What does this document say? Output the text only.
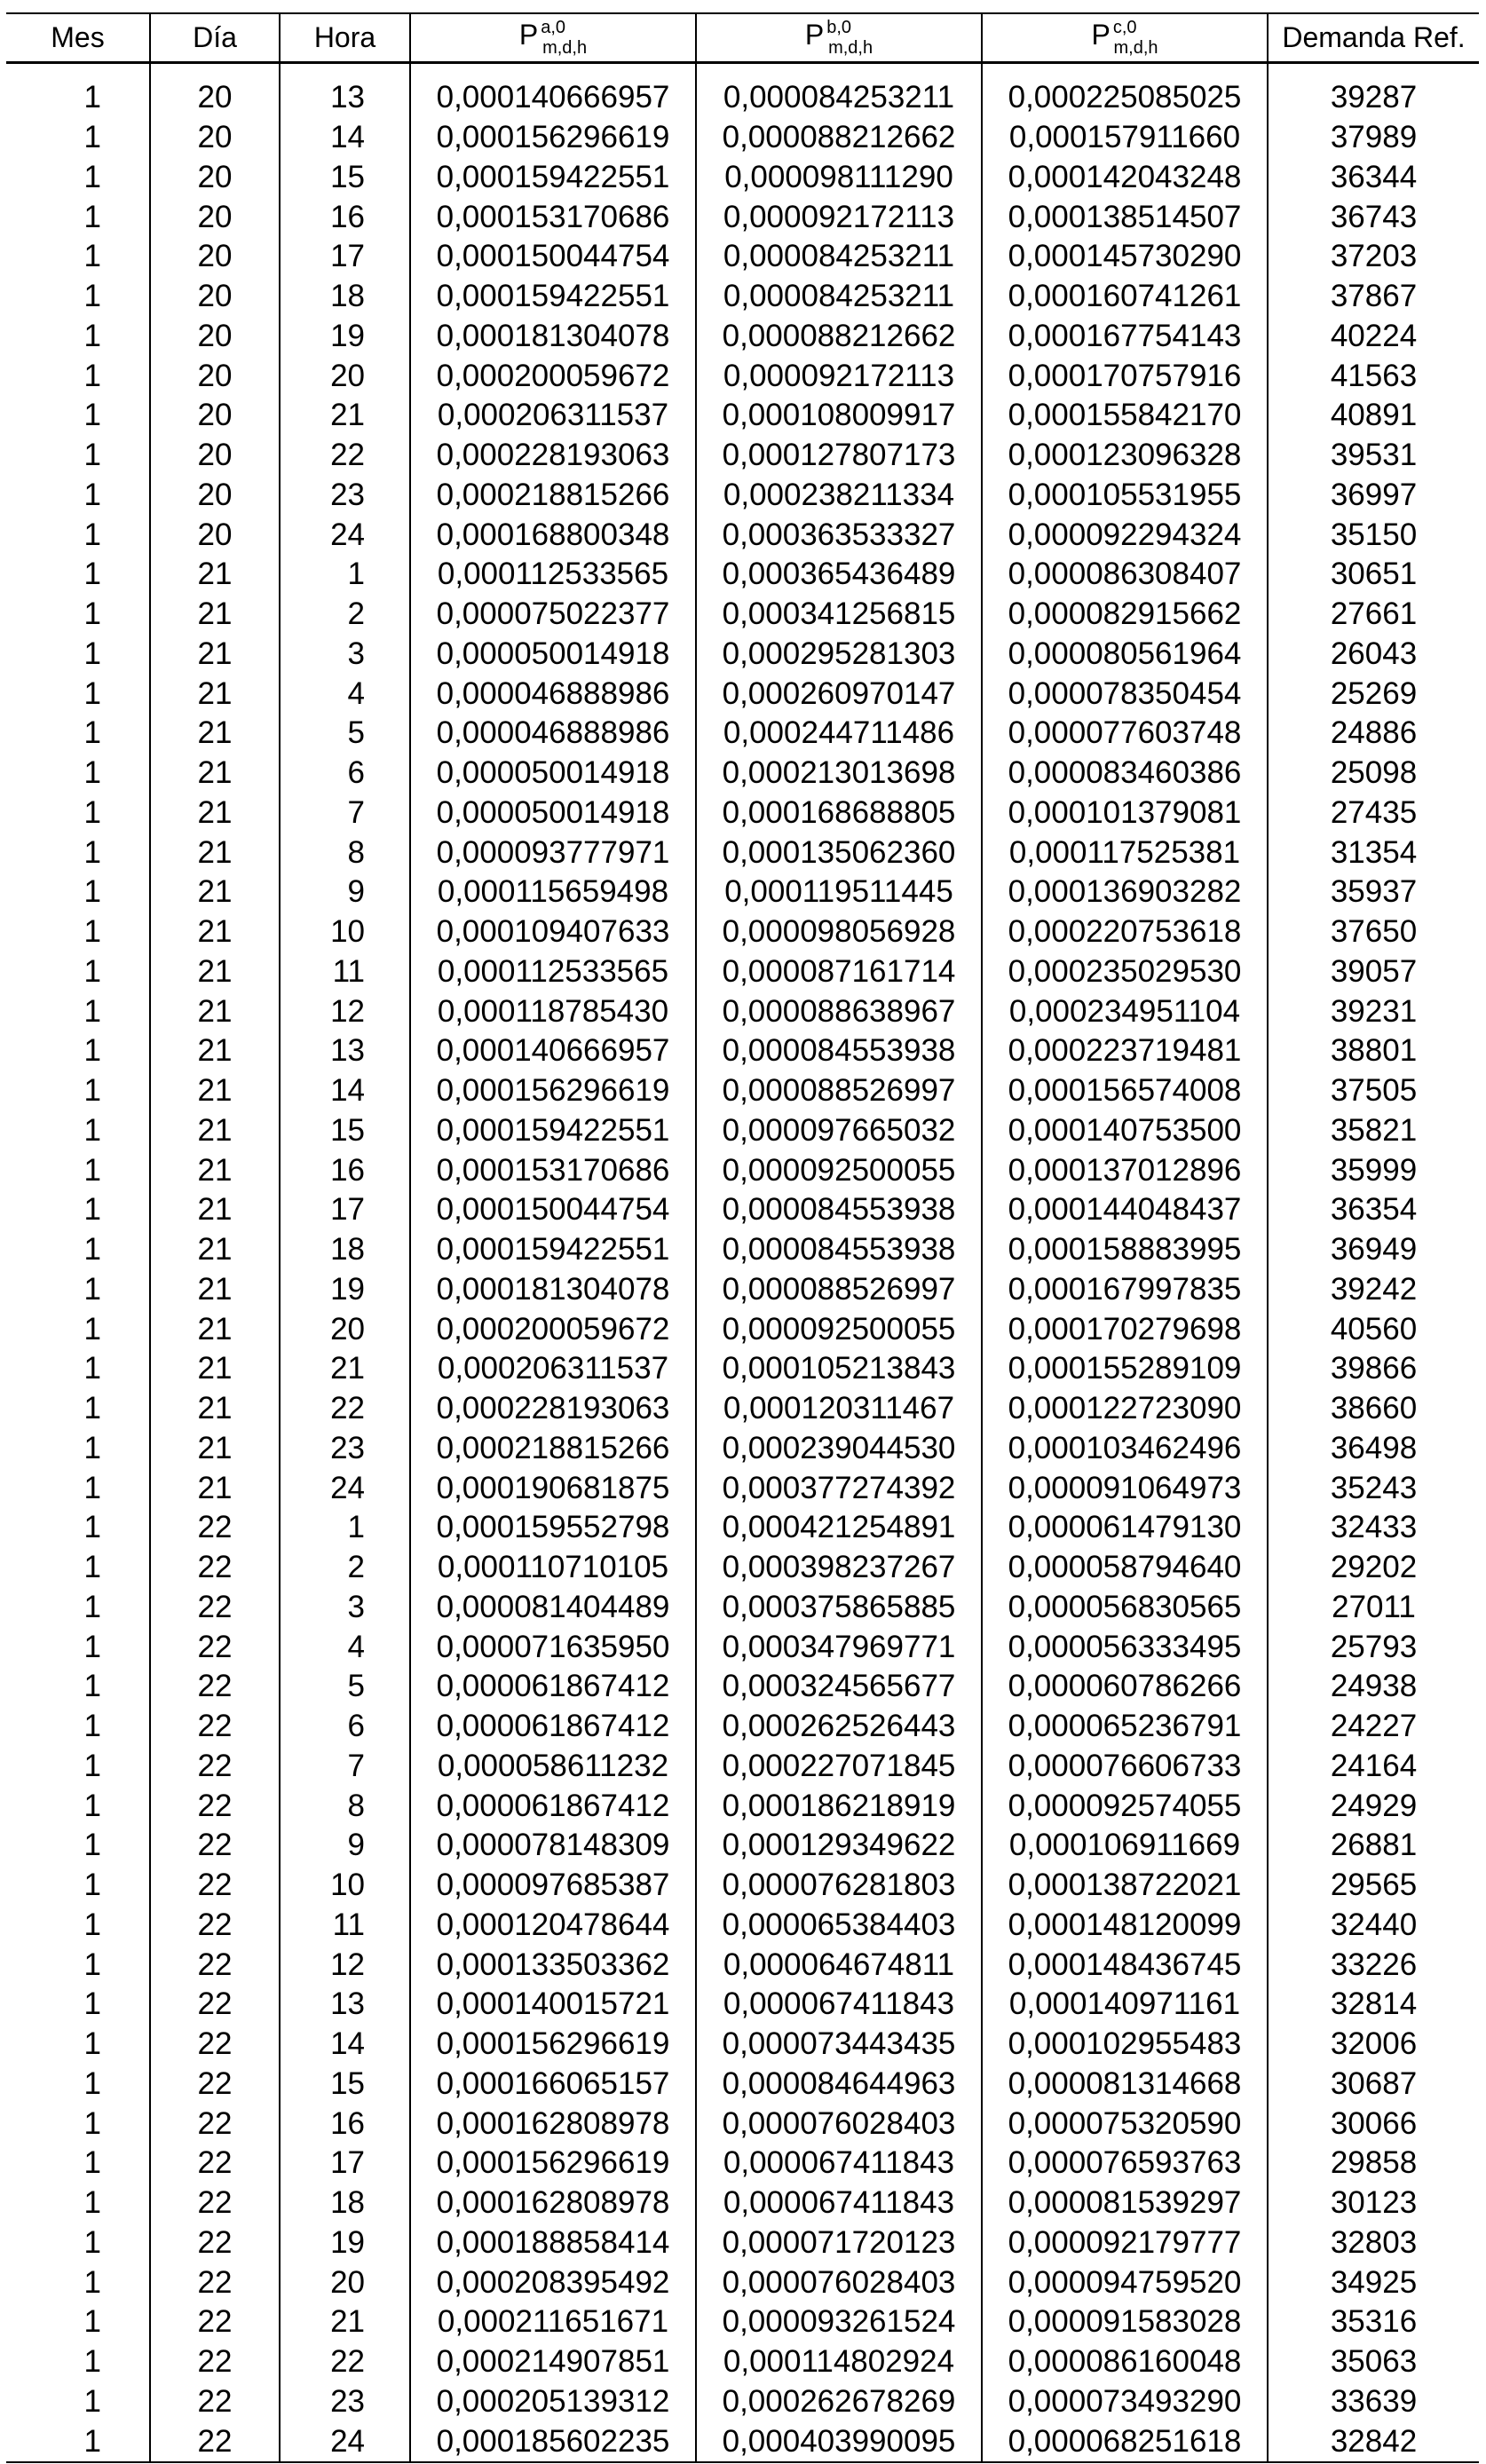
Mes	Día	Hora	P $^{a,0}_{m,d,h}$	P $^{b,0}_{m,d,h}$	P $^{c,0}_{m,d,h}$	Demanda Ref.
1	20	13	0,000140666957	0,000084253211	0,000225085025	39287
1	20	14	0,000156296619	0,000088212662	0,000157911660	37989
1	20	15	0,000159422551	0,000098111290	0,000142043248	36344
1	20	16	0,000153170686	0,000092172113	0,000138514507	36743
1	20	17	0,000150044754	0,000084253211	0,000145730290	37203
1	20	18	0,000159422551	0,000084253211	0,000160741261	37867
1	20	19	0,000181304078	0,000088212662	0,000167754143	40224
1	20	20	0,000200059672	0,000092172113	0,000170757916	41563
1	20	21	0,000206311537	0,000108009917	0,000155842170	40891
1	20	22	0,000228193063	0,000127807173	0,000123096328	39531
1	20	23	0,000218815266	0,000238211334	0,000105531955	36997
1	20	24	0,000168800348	0,000363533327	0,000092294324	35150
1	21	1	0,000112533565	0,000365436489	0,000086308407	30651
1	21	2	0,000075022377	0,000341256815	0,000082915662	27661
1	21	3	0,000050014918	0,000295281303	0,000080561964	26043
1	21	4	0,000046888986	0,000260970147	0,000078350454	25269
1	21	5	0,000046888986	0,000244711486	0,000077603748	24886
1	21	6	0,000050014918	0,000213013698	0,000083460386	25098
1	21	7	0,000050014918	0,000168688805	0,000101379081	27435
1	21	8	0,000093777971	0,000135062360	0,000117525381	31354
1	21	9	0,000115659498	0,000119511445	0,000136903282	35937
1	21	10	0,000109407633	0,000098056928	0,000220753618	37650
1	21	11	0,000112533565	0,000087161714	0,000235029530	39057
1	21	12	0,000118785430	0,000088638967	0,000234951104	39231
1	21	13	0,000140666957	0,000084553938	0,000223719481	38801
1	21	14	0,000156296619	0,000088526997	0,000156574008	37505
1	21	15	0,000159422551	0,000097665032	0,000140753500	35821
1	21	16	0,000153170686	0,000092500055	0,000137012896	35999
1	21	17	0,000150044754	0,000084553938	0,000144048437	36354
1	21	18	0,000159422551	0,000084553938	0,000158883995	36949
1	21	19	0,000181304078	0,000088526997	0,000167997835	39242
1	21	20	0,000200059672	0,000092500055	0,000170279698	40560
1	21	21	0,000206311537	0,000105213843	0,000155289109	39866
1	21	22	0,000228193063	0,000120311467	0,000122723090	38660
1	21	23	0,000218815266	0,000239044530	0,000103462496	36498
1	21	24	0,000190681875	0,000377274392	0,000091064973	35243
1	22	1	0,000159552798	0,000421254891	0,000061479130	32433
1	22	2	0,000110710105	0,000398237267	0,000058794640	29202
1	22	3	0,000081404489	0,000375865885	0,000056830565	27011
1	22	4	0,000071635950	0,000347969771	0,000056333495	25793
1	22	5	0,000061867412	0,000324565677	0,000060786266	24938
1	22	6	0,000061867412	0,000262526443	0,000065236791	24227
1	22	7	0,000058611232	0,000227071845	0,000076606733	24164
1	22	8	0,000061867412	0,000186218919	0,000092574055	24929
1	22	9	0,000078148309	0,000129349622	0,000106911669	26881
1	22	10	0,000097685387	0,000076281803	0,000138722021	29565
1	22	11	0,000120478644	0,000065384403	0,000148120099	32440
1	22	12	0,000133503362	0,000064674811	0,000148436745	33226
1	22	13	0,000140015721	0,000067411843	0,000140971161	32814
1	22	14	0,000156296619	0,000073443435	0,000102955483	32006
1	22	15	0,000166065157	0,000084644963	0,000081314668	30687
1	22	16	0,000162808978	0,000076028403	0,000075320590	30066
1	22	17	0,000156296619	0,000067411843	0,000076593763	29858
1	22	18	0,000162808978	0,000067411843	0,000081539297	30123
1	22	19	0,000188858414	0,000071720123	0,000092179777	32803
1	22	20	0,000208395492	0,000076028403	0,000094759520	34925
1	22	21	0,000211651671	0,000093261524	0,000091583028	35316
1	22	22	0,000214907851	0,000114802924	0,000086160048	35063
1	22	23	0,000205139312	0,000262678269	0,000073493290	33639
1	22	24	0,000185602235	0,000403990095	0,000068251618	32842
